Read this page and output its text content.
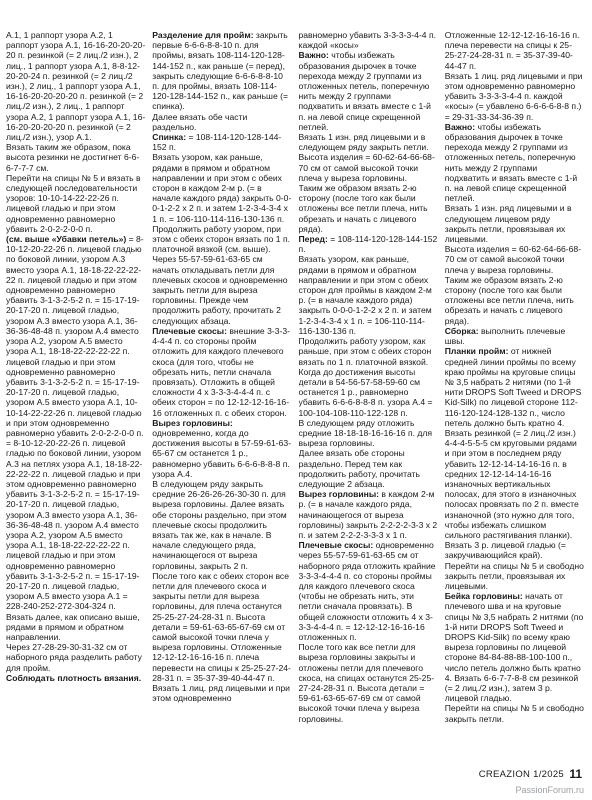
А.1, 1 раппорт узора А.2, 1 раппорт узора А.1, 16-16-20-20-20-20 п. резинкой (= 2 лиц./2 изн.), 2 лиц., 1 раппорт узора А.1, 8-8-12-20-20-24 п. резинкой (= 2 лиц./2 изн.), 2 лиц., 1 раппорт узора А.1, 16-16-20-20-20-20 п. резинкой (= 2 лиц./2 изн.), 2 лиц., 1 раппорт узора А.2, 1 раппорт узора А.1, 16-16-20-20-20-20 п. резинкой (= 2 лиц./2 изн.), узор А.1.

Вязать таким же образом, пока высота резинки не достигнет 6-6-6-7-7-7 см.

Перейти на спицы № 5 и вязать в следующей последовательности узоров: 10-10-14-22-22-26 п. лицевой гладью и при этом одновременно равномерно убавить 2-0-2-2-0-0 п.

(см. выше «Убавки петель») = 8-10-12-20-22-26 п. лицевой гладью по боковой линии, узором А.3 вместо узора А.1, 18-18-22-22-22-22 п. лицевой гладью и при этом одновременно равномерно убавить 3-1-3-2-5-2 п. = 15-17-19-20-17-20 п. лицевой гладью, узором А.3 вместо узора А.1, 36-36-36-48-48 п. узором А.4 вместо узора А.2, узором А.5 вместо узора А.1, 18-18-22-22-22-22 п. лицевой гладью и при этом одновременно равномерно убавить 3-1-3-2-5-2 п. = 15-17-19-20-17-20 п. лицевой гладью, узором А.5 вместо узора А.1, 10-10-14-22-22-26 п. лицевой гладью и при этом одновременно равномерно убавить 2-0-2-2-0-0 п. = 8-10-12-20-22-26 п. лицевой гладью по боковой линии, узором А.3 на петлях узора А.1, 18-18-22-22-22-22 п. лицевой гладью и при этом одновременно равномерно убавить 3-1-3-2-5-2 п. = 15-17-19-20-17-20 п. лицевой гладью, узором А.3 вместо узора А.1, 36-36-36-48-48 п. узором А.4 вместо узора А.2, узором А.5 вместо узора А.1, 18-18-22-22-22-22 п. лицевой гладью и при этом одновременно равномерно убавить 3-1-3-2-5-2 п. = 15-17-19-20-17-20 п. лицевой гладью, узором А.5 вместо узора А.1 = 228-240-252-272-304-324 п.

Вязать далее, как описано выше, рядами в прямом и обратном направлении.

Через 27-28-29-30-31-32 см от наборного ряда разделить работу для пройм.

Соблюдать плотность вязания.

Разделение для пройм: закрыть первые 6-6-6-8-8-10 п. для проймы, вязать 108-114-120-128-144-152 п., как раньше (= перед), закрыть следующие 6-6-6-8-8-10 п. для проймы, вязать 108-114-120-128-144-152 п., как раньше (= спинка).

Далее вязать обе части раздельно.

Спинка: = 108-114-120-128-144-152 п.

Вязать узором, как раньше, рядами в прямом и обратном направлении и при этом с обеих сторон в каждом 2-м р. (= в начале каждого ряда) закрыть 0-0-0-1-2-2 х 2 п. и затем 1-2-3-4-3-4 х 1 п. = 106-110-114-116-130-136 п.

Продолжить работу узором, при этом с обеих сторон вязать по 1 п. платочной вязкой (см. выше).

Через 55-57-59-61-63-65 см начать откладывать петли для плечевых скосов и одновременно закрыть петли для выреза горловины. Прежде чем продолжить работу, прочитать 2 следующих абзаца.

Плечевые скосы: внешние 3-3-3-4-4-4 п. со стороны пройм отложить для каждого плечевого скоса (для того, чтобы не обрезать нить, петли сначала провязать). Отложить в общей сложности 4 х 3-3-3-4-4-4 п. с обеих сторон = по 12-12-12-16-16-16 отложенных п. с обеих сторон.

Вырез горловины: одновременно, когда до достижения высоты в 57-59-61-63-65-67 см останется 1 р., равномерно убавить 6-6-6-8-8-8 п. узора А.4.

В следующем ряду закрыть средние 26-26-26-26-30-30 п. для выреза горловины. Далее вязать обе стороны раздельно, при этом плечевые скосы продолжить вязать так же, как в начале. В начале следующего ряда, начинающегося от выреза горловины, закрыть 2 п.

После того как с обеих сторон все петли для плечевого скоса и закрыты петли для выреза горловины, для плеча останутся 25-25-27-24-28-31 п. Высота детали = 59-61-63-65-67-69 см от самой высокой точки плеча у выреза горловины. Отложенные 12-12-12-16-16-16 п. плеча перевести на спицы к 25-25-27-24-28-31 п. = 35-37-39-40-44-47 п.

Вязать 1 лиц. ряд лицевыми и при этом одновременно

равномерно убавить 3-3-3-3-4-4 п. каждой «косы»

Важно: чтобы избежать образования дырочек в точке перехода между 2 группами из отложенных петель, поперечную нить между 2 группами подхватить и вязать вместе с 1-й п. на левой спице скрещенной петлей.

Вязать 1 изн. ряд лицевыми и в следующем ряду закрыть петли.

Высота изделия = 60-62-64-66-68-70 см от самой высокой точки плеча у выреза горловины.

Таким же образом вязать 2-ю сторону (после того как были отложены все петли плеча, нить обрезать и начать с лицевого ряда).

Перед: = 108-114-120-128-144-152 п.

Вязать узором, как раньше, рядами в прямом и обратном направлении и при этом с обеих сторон для проймы в каждом 2-м р. (= в начале каждого ряда) закрыть 0-0-0-1-2-2 х 2 п. и затем 1-2-3-4-3-4 х 1 п. = 106-110-114-116-130-136 п.

Продолжить работу узором, как раньше, при этом с обеих сторон вязать по 1 п. платочной вязкой.

Когда до достижения высоты детали в 54-56-57-58-59-60 см останется 1 р., равномерно убавить 6-6-6-8-8-8 п. узора А.4 = 100-104-108-110-122-128 п.

В следующем ряду отложить средние 18-18-18-16-16-16 п. для выреза горловины.

Далее вязать обе стороны раздельно. Перед тем как продолжить работу, прочитать следующие 2 абзаца.

Вырез горловины: в каждом 2-м р. (= в начале каждого ряда, начинающегося от выреза горловины) закрыть 2-2-2-2-3-3 х 2 п. и затем 2-2-2-3-3-3 х 1 п.

Плечевые скосы: одновременно через 55-57-59-61-63-65 см от наборного ряда отложить крайние 3-3-3-4-4-4 п. со стороны проймы для каждого плечевого скоса (чтобы не обрезать нить, эти петли сначала провязать). В общей сложности отложить 4 х 3-3-3-4-4-4 п. = 12-12-12-16-16-16 отложенных п.

После того как все петли для выреза горловины закрыты и отложены петли для плечевого скоса, на спицах останутся 25-25-27-24-28-31 п. Высота детали = 59-61-63-65-67-69 см от самой высокой точки плеча у выреза горловины.

Отложенные 12-12-12-16-16-16 п. плеча перевести на спицы к 25-25-27-24-28-31 п. = 35-37-39-40-44-47 п.

Вязать 1 лиц. ряд лицевыми и при этом одновременно равномерно убавить 3-3-3-3-4-4 п. каждой «косы» (= убавлено 6-6-6-6-8-8 п.) = 29-31-33-34-36-39 п.

Важно: чтобы избежать образования дырочек в точке перехода между 2 группами из отложенных петель, поперечную нить между 2 группами подхватить и вязать вместе с 1-й п. на левой спице скрещенной петлей.

Вязать 1 изн. ряд лицевыми и в следующем лицевом ряду закрыть петли, провязывая их лицевыми.

Высота изделия = 60-62-64-66-68-70 см от самой высокой точки плеча у выреза горловины.

Таким же образом вязать 2-ю сторону (после того как были отложены все петли плеча, нить обрезать и начать с лицевого ряда).

Сборка: выполнить плечевые швы.

Планки пройм: от нижней средней линии проймы по всему краю проймы на круговые спицы № 3,5 набрать 2 нитями (по 1-й нити DROPS Soft Tweed и DROPS Kid-Silk) по лицевой стороне 112-116-120-124-128-132 п., число петель должно быть кратно 4.

Вязать резинкой (= 2 лиц./2 изн.) 4-4-4-5-5-5 см круговыми рядами и при этом в последнем ряду убавить 12-12-14-14-16-16 п. в средних 12-12-14-14-16-16 изнаночных вертикальных полосах, для этого в изнаночных полосах провязать по 2 п. вместе изнаночной (это нужно для того, чтобы избежать слишком сильного растягивания планки).

Вязать 3 р. лицевой гладью (= закручивающийся край).

Перейти на спицы № 5 и свободно закрыть петли, провязывая их лицевыми.

Бейка горловины: начать от плечевого шва и на круговые спицы № 3,5 набрать 2 нитями (по 1-й нити DROPS Soft Tweed и DROPS Kid-Silk) по всему краю выреза горловины по лицевой стороне 84-84-88-88-100-100 п., число петель должно быть кратно 4. Вязать 6-6-7-7-8-8 см резинкой (= 2 лиц./2 изн.), затем 3 р. лицевой гладью.

Перейти на спицы № 5 и свободно закрыть петли.

CREAZION 1/2025 11
PassionForum.ru
